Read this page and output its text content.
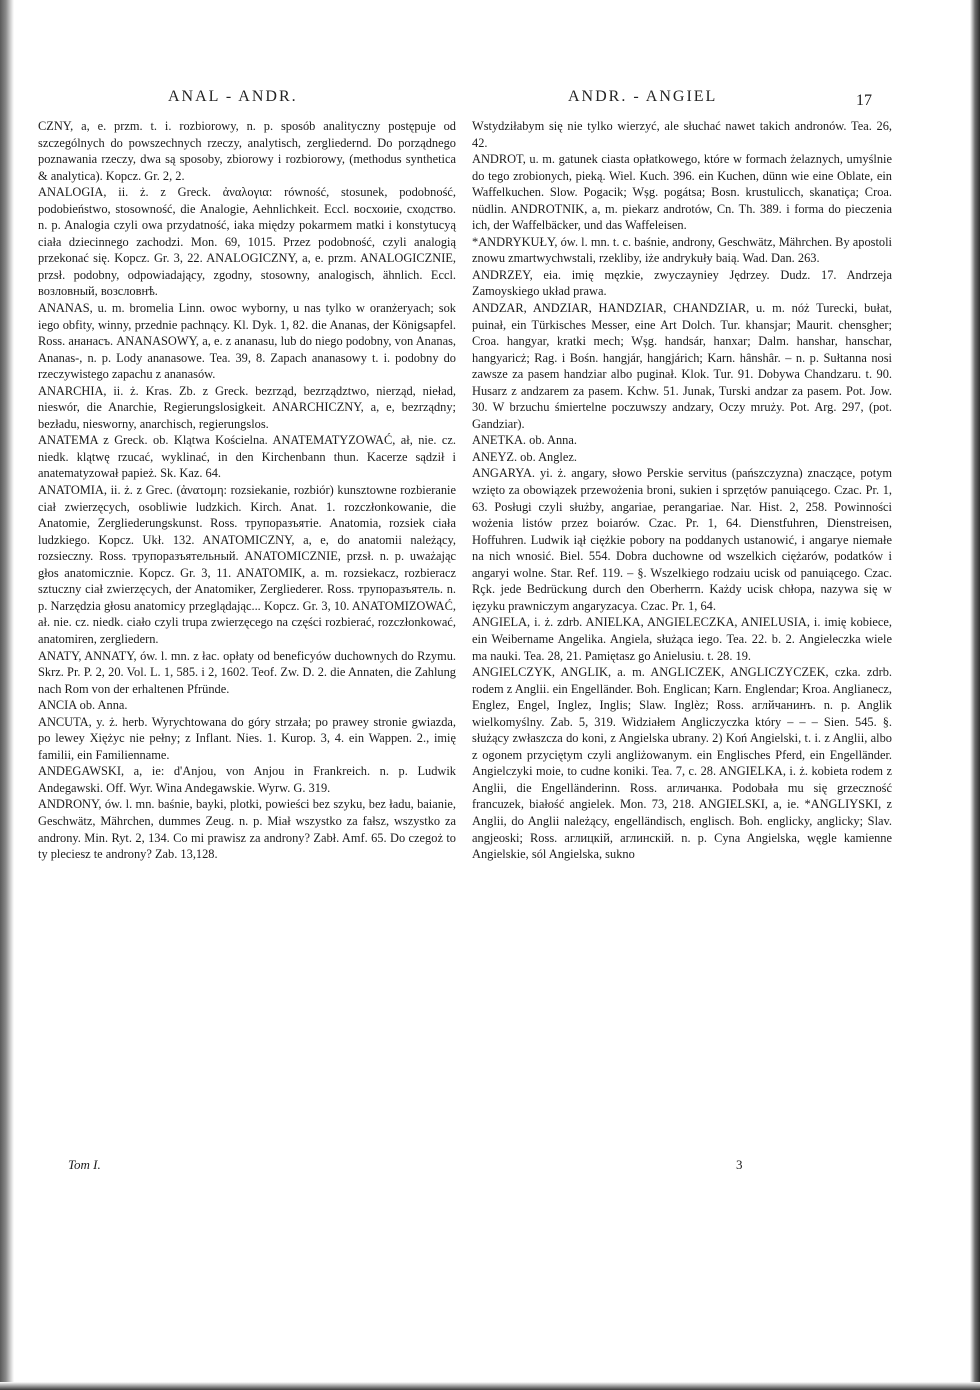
ANAL - ANDR.	ANDR. - ANGIEL	17

CZNY, a, e. przm. t. i. rozbiorowy, n. p. sposób analityczny postępuje od szczególnych do powszechnych rzeczy, analytisch, zergliedernd. Do porządnego poznawania rzeczy, dwa są sposoby, zbiorowy i rozbiorowy, (methodus synthetica & analytica). Kopcz. Gr. 2, 2.

ANALOGIA, ii. ż. z Greck. ἀναλογια: równość, stosunek, podobność, podobieństwo, stosowność, die Analogie, Aehnlichkeit. Eccl. восхоиіе, сходство. n. p. Analogia czyli owa przydatność, iaka między pokarmem matki i konstytucyą ciała dziecinnego zachodzi. Mon. 69, 1015. Przez podobność, czyli analogią przekonać się. Kopcz. Gr. 3, 22. ANALOGICZNY, a, e. przm. ANALOGICZNIE, przsł. podobny, odpowiadający, zgodny, stosowny, analogisch, ähnlich. Eccl. возловный, возсловнѣ.

ANANAS, u. m. bromelia Linn. owoc wyborny, u nas tylko w oranżeryach; sok iego obfity, winny, przednie pachnący. Kl. Dyk. 1, 82. die Ananas, der Königsapfel. Ross. ананасъ. ANANASOWY, a, e. z ananasu, lub do niego podobny, von Ananas, Ananas-, n. p. Lody ananasowe. Tea. 39, 8. Zapach ananasowy t. i. podobny do rzeczywistego zapachu z ananasów.

ANARCHIA, ii. ż. Kras. Zb. z Greck. bezrząd, bezrządztwo, nierząd, nieład, nieswór, die Anarchie, Regierungslosigkeit. ANARCHICZNY, a, e, bezrządny; bezładu, niesworny, anarchisch, regierungslos.

ANATEMA z Greck. ob. Klątwa Kościelna. ANATEMATYZOWAĆ, ał, nie. cz. niedk. klątwę rzucać, wyklinać, in den Kirchenbann thun. Kacerze sądził i anatematyzował papież. Sk. Kaz. 64.

ANATOMIA, ii. ż. z Grec. (ἀνατομη: rozsiekanie, rozbiór) kunsztowne rozbieranie ciał zwierzęcych, osobliwie ludzkich. Kirch. Anat. 1. rozczłonkowanie, die Anatomie, Zergliederungskunst. Ross. трупоразъятіе. Anatomia, rozsiek ciała ludzkiego. Kopcz. Ukł. 132. ANATOMICZNY, a, e, do anatomii należący, rozsieczny. Ross. трупоразъятельный. ANATOMICZNIE, przsł. n. p. uważając głos anatomicznie. Kopcz. Gr. 3, 11. ANATOMIK, a. m. rozsiekacz, rozbieracz sztuczny ciał zwierzęcych, der Anatomiker, Zergliederer. Ross. трупоразъятель. n. p. Narzędzia głosu anatomicy przeglądając... Kopcz. Gr. 3, 10. ANATOMIZOWAĆ, ał. nie. cz. niedk. ciało czyli trupa zwierzęcego na części rozbierać, rozczłonkować, anatomiren, zergliedern.

ANATY, ANNATY, ów. l. mn. z łac. opłaty od beneficyów duchownych do Rzymu. Skrz. Pr. P. 2, 20. Vol. L. 1, 585. i 2, 1602. Teof. Zw. D. 2. die Annaten, die Zahlung nach Rom von der erhaltenen Pfründe.

ANCIA ob. Anna.

ANCUTA, y. ż. herb. Wyrychtowana do góry strzała; po prawey stronie gwiazda, po lewey Xiężyc nie pełny; z Inflant. Nies. 1. Kurop. 3, 4. ein Wappen. 2., imię familii, ein Familienname.

ANDEGAWSKI, a, ie: d'Anjou, von Anjou in Frankreich. n. p. Ludwik Andegawski. Off. Wyr. Wina Andegawskie. Wyrw. G. 319.

ANDRONY, ów. l. mn. baśnie, bayki, plotki, powieści bez szyku, bez ładu, baianie, Geschwätz, Mährchen, dummes Zeug. n. p. Miał wszystko za fałsz, wszystko za androny. Min. Ryt. 2, 134. Co mi prawisz za androny? Zabł. Amf. 65. Do czegoż to ty pleciesz te androny? Zab. 13,128.

Wstydziłabym się nie tylko wierzyć, ale słuchać nawet takich andronów. Tea. 26, 42.

ANDROT, u. m. gatunek ciasta opłatkowego, które w formach żelaznych, umyślnie do tego zrobionych, pieką. Wiel. Kuch. 396. ein Kuchen, dünn wie eine Oblate, ein Waffelkuchen. Slow. Pogacik; Wșg. pogátsa; Bosn. krustulicch, skanatiça; Croa. nüdlin. ANDROTNIK, a, m. piekarz androtów, Cn. Th. 389. i forma do pieczenia ich, der Waffelbäcker, und das Waffeleisen.

*ANDRYKUŁY, ów. l. mn. t. c. baśnie, androny, Geschwätz, Mährchen. By apostoli znowu zmartwychwstali, rzekliby, iże andrykuły baią. Wad. Dan. 263.

ANDRZEY, eia. imię męzkie, zwyczayniey Jędrzey. Dudz. 17. Andrzeja Zamoyskiego układ prawa.

ANDZAR, ANDZIAR, HANDZIAR, CHANDZIAR, u. m. nóż Turecki, bułat, puinał, ein Türkisches Messer, eine Art Dolch. Tur. khansjar; Maurit. chensgher; Croa. hangyar, kratki mech; Wșg. handsár, hanxar; Dalm. hanshar, hanschar, hangyaricż; Rag. i Bośn. hangjár, hangjárich; Karn. hânshâr. – n. p. Sułtanna nosi zawsze za pasem handziar albo puginał. Klok. Tur. 91. Dobywa Chandzaru. t. 90. Husarz z andzarem za pasem. Kchw. 51. Junak, Turski andzar za pasem. Pot. Jow. 30. W brzuchu śmiertelne poczuwszy andzary, Oczy mruży. Pot. Arg. 297, (pot. Gandziar).

ANETKA. ob. Anna.

ANEYZ. ob. Anglez.

ANGARYA. yi. ż. angary, słowo Perskie servitus (pańszczyzna) znaczące, potym wzięto za obowiązek przewożenia broni, sukien i sprzętów panuiącego. Czac. Pr. 1, 63. Posługi czyli służby, angariae, perangariae. Nar. Hist. 2, 258. Powinności wożenia listów przez boiarów. Czac. Pr. 1, 64. Dienstfuhren, Dienstreisen, Hoffuhren. Ludwik iął ciężkie pobory na poddanych ustanowić, i angarye niemałe na nich wnosić. Biel. 554. Dobra duchowne od wszelkich ciężarów, podatków i angaryi wolne. Star. Ref. 119. – §. Wszelkiego rodzaiu ucisk od panuiącego. Czac. Rçk. jede Bedrückung durch den Oberherrn. Każdy ucisk chłopa, nazywa się w ięzyku prawniczym angaryzacya. Czac. Pr. 1, 64.

ANGIELA, i. ż. zdrb. ANIELKA, ANGIELECZKA, ANIELUSIA, i. imię kobiece, ein Weibername Angelika. Angiela, służąca iego. Tea. 22. b. 2. Angieleczka wiele ma nauki. Tea. 28, 21. Pamiętasz go Anielusiu. t. 28. 19.

ANGIELCZYK, ANGLIK, a. m. ANGLICZEK, ANGLICZYCZEK, czka. zdrb. rodem z Anglii. ein Engelländer. Boh. Englican; Karn. Englendar; Kroa. Anglianecz, Englez, Engel, Inglez, Inglis; Slaw. Inglèz; Ross. аглйчанинъ. n. p. Anglik wielkomyślny. Zab. 5, 319. Widziałem Angliczyczka który – – – Sien. 545. §. służący zwłaszcza do koni, z Angielska ubrany. 2) Koń Angielski, t. i. z Anglii, albo z ogonem przyciętym czyli angliżowanym. ein Englisches Pferd, ein Engelländer. Angielczyki moie, to cudne koniki. Tea. 7, c. 28. ANGIELKA, i. ż. kobieta rodem z Anglii, die Engelländerinn. Ross. агличанка. Podobała mu się grzeczność francuzek, białość angielek. Mon. 73, 218. ANGIELSKI, a, ie. *ANGLIYSKI, z Anglii, do Anglii należący, engelländisch, englisch. Boh. englicky, anglicky; Slav. angjeoski; Ross. аглицкій, аглинскій. n. p. Cyna Angielska, węgle kamienne Angielskie, sól Angielska, sukno

Tom I.	3
